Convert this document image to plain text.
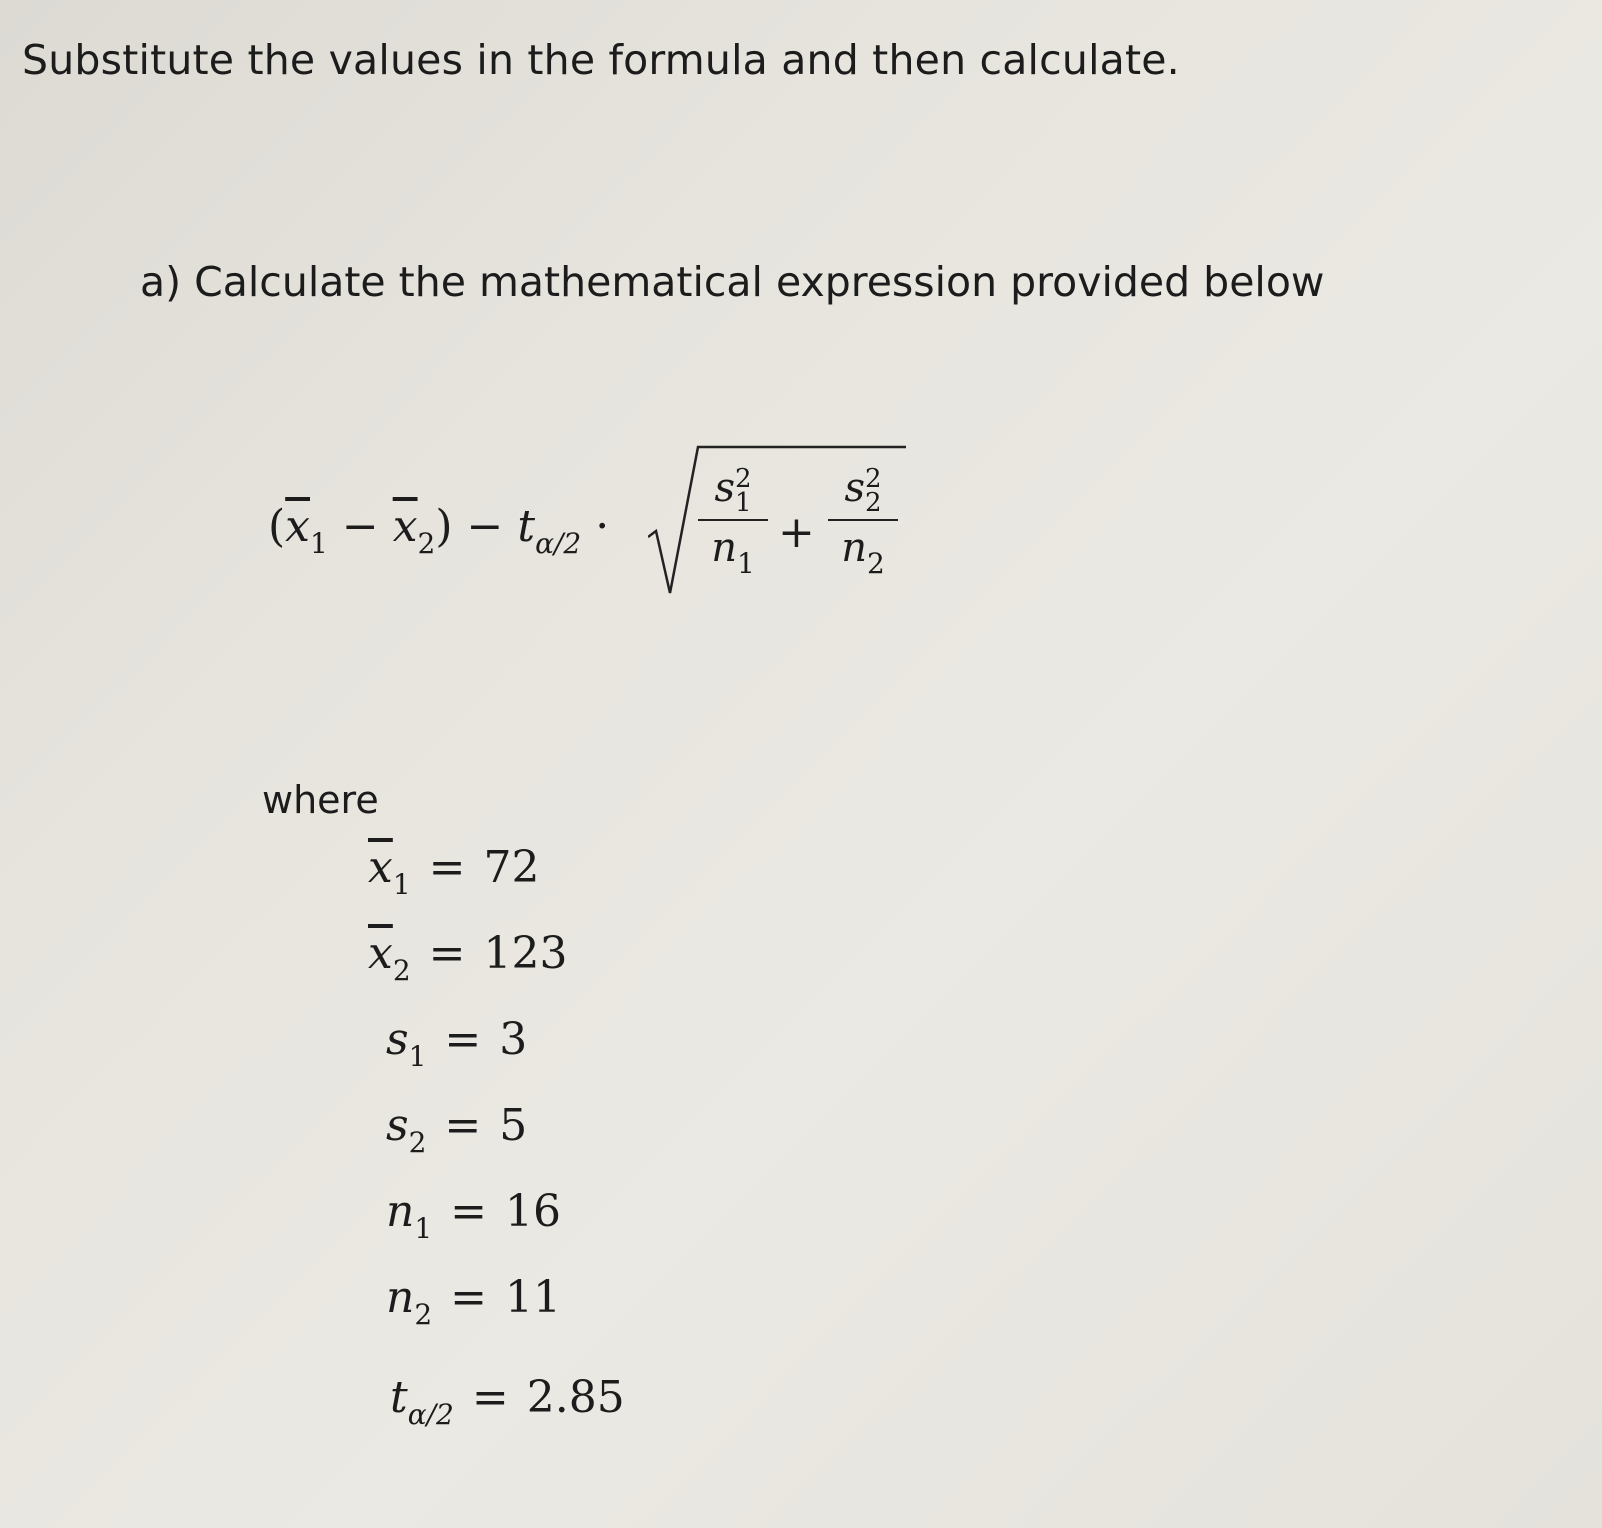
Substitute the values in the formula and then calculate.
a) Calculate the mathematical expression provided below
$(\overline{x}_1 - \overline{x}_2) - t_{\alpha/2}$ ·
s2
1
$n_1$
+
s2
2
$n_2$
where
$\overline{x}_1 = 72$
$\overline{x}_2 = 123$
$s_1 = 3$
$s_2 = 5$
$n_1 = 16$
$n_2 = 11$
$t_{\alpha/2} = 2.85$
